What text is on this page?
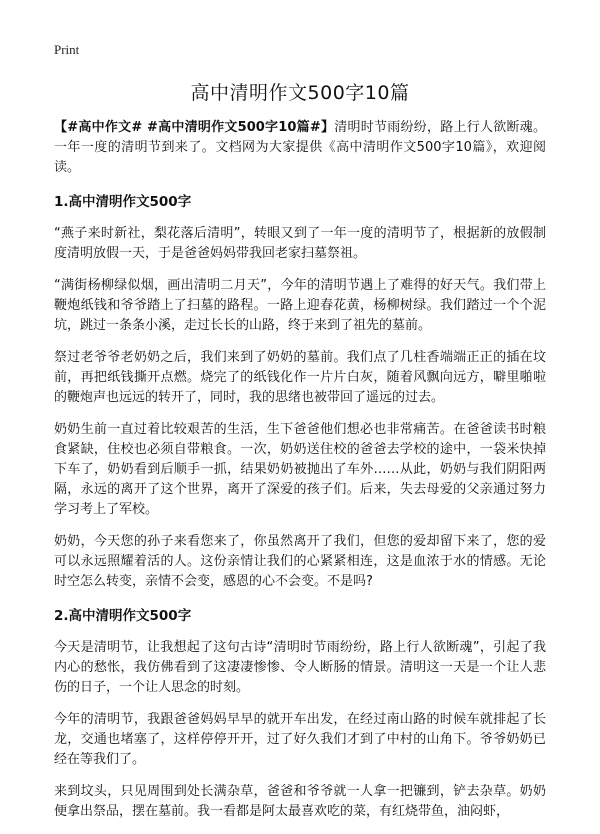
Print
高中清明作文500字10篇

【#高中作文# #高中清明作文500字10篇#】清明时节雨纷纷，路上行人欲断魂。一年一度的清明节到来了。文档网为大家提供《高中清明作文500字10篇》，欢迎阅读。

1.高中清明作文500字

“燕子来时新社，梨花落后清明”，转眼又到了一年一度的清明节了，根据新的放假制度清明放假一天，于是爸爸妈妈带我回老家扫墓祭祖。

“满街杨柳绿似烟，画出清明二月天”，今年的清明节遇上了难得的好天气。我们带上鞭炮纸钱和爷爷踏上了扫墓的路程。一路上迎春花黄，杨柳树绿。我们踏过一个个泥坑，跳过一条条小溪，走过长长的山路，终于来到了祖先的墓前。

祭过老爷爷老奶奶之后，我们来到了奶奶的墓前。我们点了几柱香端端正正的插在坟前，再把纸钱撕开点燃。烧完了的纸钱化作一片片白灰，随着风飘向远方，噼里啪啦的鞭炮声也远远的转开了，同时，我的思绪也被带回了遥远的过去。

奶奶生前一直过着比较艰苦的生活，生下爸爸他们想必也非常痛苦。在爸爸读书时粮食紧缺，住校也必须自带粮食。一次，奶奶送住校的爸爸去学校的途中，一袋米快掉下车了，奶奶看到后顺手一抓，结果奶奶被抛出了车外……从此，奶奶与我们阴阳两隔，永远的离开了这个世界，离开了深爱的孩子们。后来，失去母爱的父亲通过努力学习考上了军校。

奶奶，今天您的孙子来看您来了，你虽然离开了我们，但您的爱却留下来了，您的爱可以永远照耀着活的人。这份亲情让我们的心紧紧相连，这是血浓于水的情感。无论时空怎么转变，亲情不会变，感恩的心不会变。不是吗?

2.高中清明作文500字

今天是清明节，让我想起了这句古诗“清明时节雨纷纷，路上行人欲断魂”，引起了我内心的愁怅，我仿佛看到了这凄凄惨惨、令人断肠的情景。清明这一天是一个让人悲伤的日子，一个让人思念的时刻。

今年的清明节，我跟爸爸妈妈早早的就开车出发，在经过南山路的时候车就排起了长龙，交通也堵塞了，这样停停开开，过了好久我们才到了中村的山角下。爷爷奶奶已经在等我们了。

来到坟头，只见周围到处长满杂草，爸爸和爷爷就一人拿一把镰到，铲去杂草。奶奶便拿出祭品，摆在墓前。我一看都是阿太最喜欢吃的菜，有红烧带鱼，油闷虾，
